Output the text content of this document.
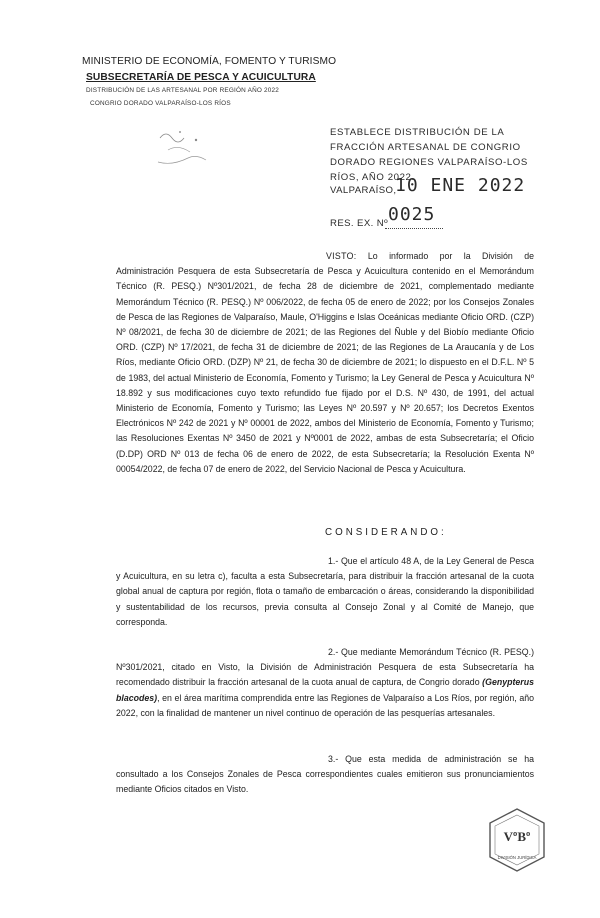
MINISTERIO DE ECONOMÍA, FOMENTO Y TURISMO
SUBSECRETARÍA DE PESCA Y ACUICULTURA
DISTRIBUCIÓN DE LAS ARTESANAL POR REGIÓN AÑO 2022
CONGRIO DORADO VALPARAÍSO-LOS RÍOS
ESTABLECE DISTRIBUCIÓN DE LA FRACCIÓN ARTESANAL DE CONGRIO DORADO REGIONES VALPARAÍSO-LOS RÍOS, AÑO 2022.
VALPARAÍSO,
10 ENE 2022
RES. EX. Nº 0025
VISTO: Lo informado por la División de Administración Pesquera de esta Subsecretaría de Pesca y Acuicultura contenido en el Memorándum Técnico (R. PESQ.) Nº301/2021, de fecha 28 de diciembre de 2021, complementado mediante Memorándum Técnico (R. PESQ.) Nº 006/2022, de fecha 05 de enero de 2022; por los Consejos Zonales de Pesca de las Regiones de Valparaíso, Maule, O'Higgins e Islas Oceánicas mediante Oficio ORD. (CZP) Nº 08/2021, de fecha 30 de diciembre de 2021; de las Regiones del Ñuble y del Biobío mediante Oficio ORD. (CZP) Nº 17/2021, de fecha 31 de diciembre de 2021; de las Regiones de La Araucanía y de Los Ríos, mediante Oficio ORD. (DZP) Nº 21, de fecha 30 de diciembre de 2021; lo dispuesto en el D.F.L. Nº 5 de 1983, del actual Ministerio de Economía, Fomento y Turismo; la Ley General de Pesca y Acuicultura Nº 18.892 y sus modificaciones cuyo texto refundido fue fijado por el D.S. Nº 430, de 1991, del actual Ministerio de Economía, Fomento y Turismo; las Leyes Nº 20.597 y Nº 20.657; los Decretos Exentos Electrónicos Nº 242 de 2021 y Nº 00001 de 2022, ambos del Ministerio de Economía, Fomento y Turismo; las Resoluciones Exentas Nº 3450 de 2021 y Nº0001 de 2022, ambas de esta Subsecretaría; el Oficio (D.DP) ORD Nº 013 de fecha 06 de enero de 2022, de esta Subsecretaría; la Resolución Exenta Nº 00054/2022, de fecha 07 de enero de 2022, del Servicio Nacional de Pesca y Acuicultura.
CONSIDERANDO:
1.- Que el artículo 48 A, de la Ley General de Pesca y Acuicultura, en su letra c), faculta a esta Subsecretaría, para distribuir la fracción artesanal de la cuota global anual de captura por región, flota o tamaño de embarcación o áreas, considerando la disponibilidad y sustentabilidad de los recursos, previa consulta al Consejo Zonal y al Comité de Manejo, que corresponda.
2.- Que mediante Memorándum Técnico (R. PESQ.) Nº301/2021, citado en Visto, la División de Administración Pesquera de esta Subsecretaría ha recomendado distribuir la fracción artesanal de la cuota anual de captura, de Congrio dorado (Genypterus blacodes), en el área marítima comprendida entre las Regiones de Valparaíso a Los Ríos, por región, año 2022, con la finalidad de mantener un nivel continuo de operación de las pesquerías artesanales.
3.- Que esta medida de administración se ha consultado a los Consejos Zonales de Pesca correspondientes cuales emitieron sus pronunciamientos mediante Oficios citados en Visto.
VºBº
DIVISIÓN JURÍDICA
